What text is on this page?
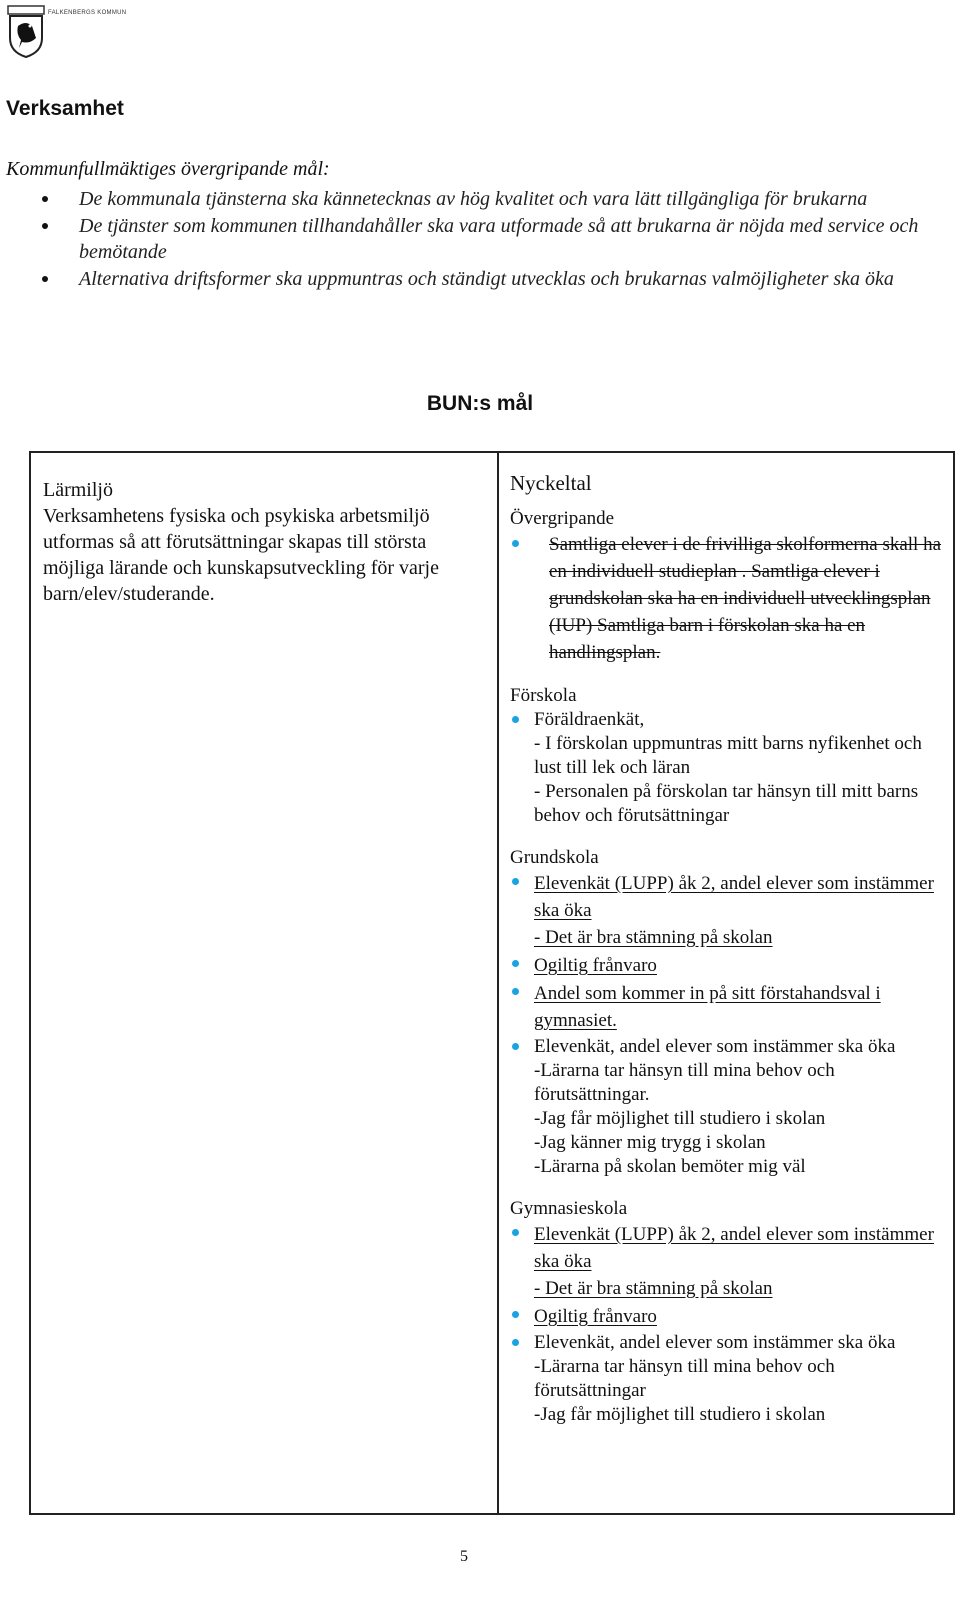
FALKENBERGS KOMMUN
Verksamhet
Kommunfullmäktiges övergripande mål:
De kommunala tjänsterna ska kännetecknas av hög kvalitet och vara lätt tillgängliga för brukarna
De tjänster som kommunen tillhandahåller ska vara utformade så att brukarna är nöjda med service och bemötande
Alternativa driftsformer ska uppmuntras och ständigt utvecklas och brukarnas valmöjligheter ska öka
BUN:s mål
Lärmiljö

Verksamhetens fysiska och psykiska arbetsmiljö utformas så att förutsättningar skapas till största möjliga lärande och kunskapsutveckling för varje barn/elev/studerande.

Nyckeltal
Övergripande
Samtliga elever i de frivilliga skolformerna skall ha en individuell studieplan . Samtliga elever i grundskolan ska ha en individuell utvecklingsplan (IUP) Samtliga barn i förskolan ska ha en handlingsplan.
Förskola
Föräldraenkät,
- I förskolan uppmuntras mitt barns nyfikenhet och lust till lek och läran
- Personalen på förskolan tar hänsyn till mitt barns behov och förutsättningar
Grundskola
Elevenkät (LUPP) åk 2, andel elever som instämmer ska öka
- Det är bra stämning på skolan
Ogiltig frånvaro
Andel som kommer in på sitt förstahandsval i gymnasiet.
Elevenkät, andel elever som instämmer ska öka
-Lärarna tar hänsyn till mina behov och förutsättningar.
-Jag får möjlighet till studiero i skolan
-Jag känner mig trygg i skolan
-Lärarna på skolan bemöter mig väl
Gymnasieskola
Elevenkät (LUPP) åk 2, andel elever som instämmer ska öka
- Det är bra stämning på skolan
Ogiltig frånvaro
Elevenkät, andel elever som instämmer ska öka
-Lärarna tar hänsyn till mina behov och förutsättningar
-Jag får möjlighet till studiero i skolan
5
